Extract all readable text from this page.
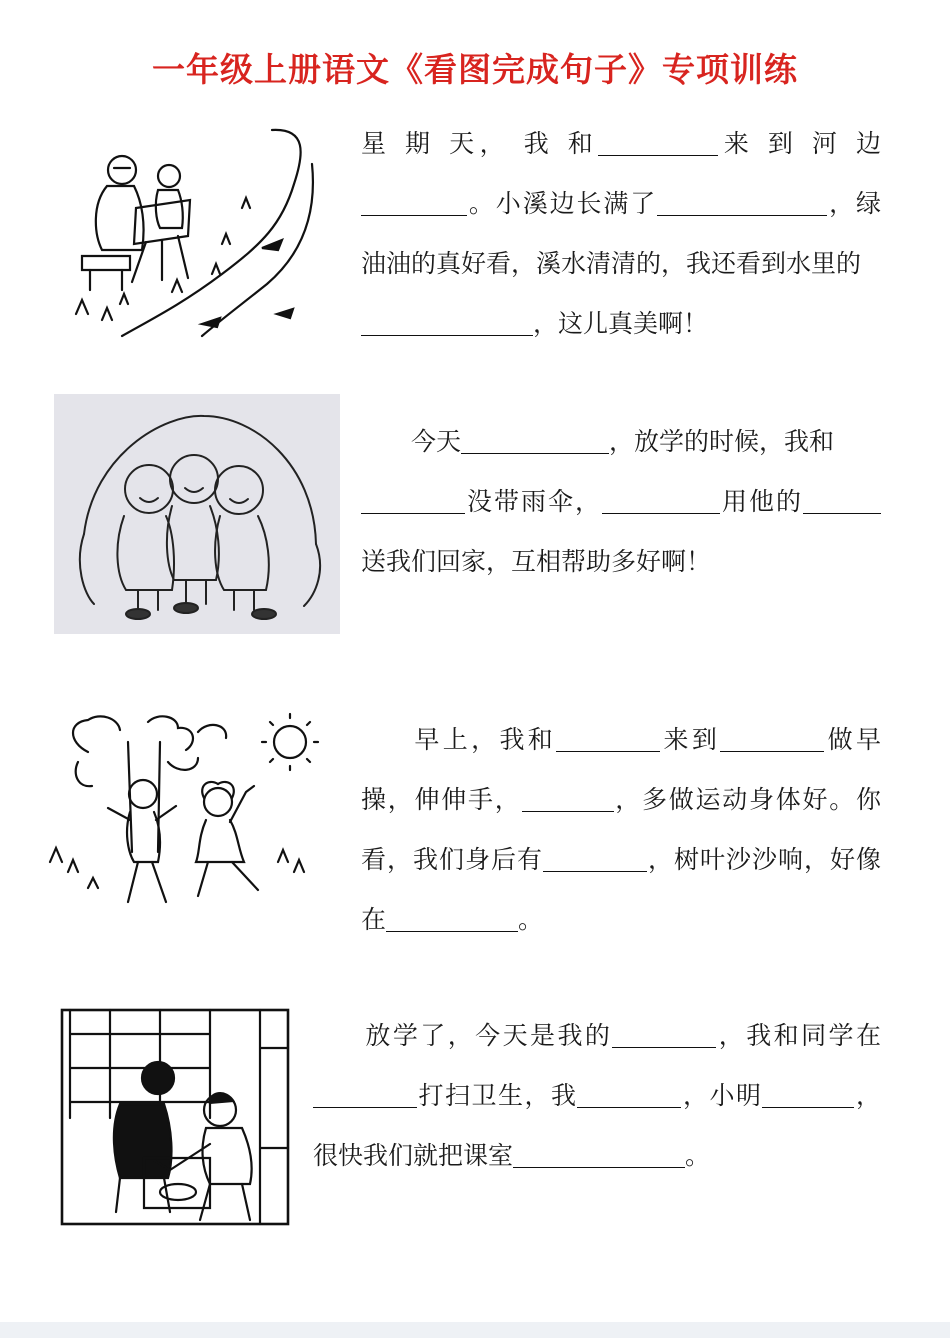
一年级上册语文《看图完成句子》专项训练
星 期 天， 我 和	来 到 河 边
。小溪边长满了	，绿
油油的真好看，溪水清清的，我还看到水里的
，这儿真美啊！
  今天	，放学的时候，我和
没带雨伞，	用他的
送我们回家，互相帮助多好啊！
  早上，我和	来到	做早
操，伸伸手，	，多做运动身体好。你
看，我们身后有	，树叶沙沙响，好像
在	。
  放学了，今天是我的	，我和同学在
打扫卫生，我	，小明	，
很快我们就把课室	。
